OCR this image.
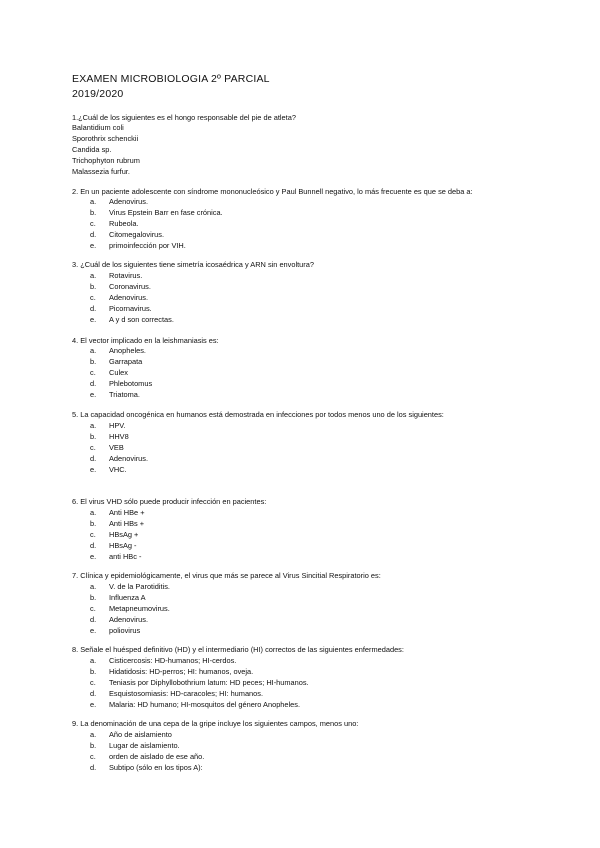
EXAMEN MICROBIOLOGIA 2º PARCIAL
2019/2020
1.¿Cuál de los siguientes es el hongo responsable del pie de atleta?
Balantidium coli
Sporothrix schenckii
Candida sp.
Trichophyton rubrum
Malassezia furfur.
2. En un paciente adolescente con síndrome mononucleósico y Paul Bunnell negativo, lo más frecuente es que se deba a:
a. Adenovirus.
b. Virus Epstein Barr en fase crónica.
c. Rubeola.
d. Citomegalovirus.
e. primoinfección por VIH.
3. ¿Cuál de los siguientes tiene simetría icosaédrica y ARN sin envoltura?
a. Rotavirus.
b. Coronavirus.
c. Adenovirus.
d. Picornavirus.
e. A y d son correctas.
4. El vector implicado en la leishmaniasis es:
a. Anopheles.
b. Garrapata
c. Culex
d. Phlebotomus
e. Triatoma.
5. La capacidad oncogénica en humanos está demostrada en infecciones por todos menos uno de los siguientes:
a. HPV.
b. HHV8
c. VEB
d. Adenovirus.
e. VHC.
6. El virus VHD sólo puede producir infección en pacientes:
a. Anti HBe +
b. Anti HBs +
c. HBsAg +
d. HBsAg -
e. anti HBc -
7. Clínica y epidemiológicamente, el virus que más se parece al Virus Sincitial Respiratorio es:
a. V. de la Parotiditis.
b. Influenza A
c. Metapneumovirus.
d. Adenovirus.
e. poliovirus
8. Señale el huésped definitivo (HD) y el intermediario (HI) correctos de las siguientes enfermedades:
a. Cisticercosis: HD-humanos; HI-cerdos.
b. Hidatidosis: HD-perros; HI: humanos, oveja.
c. Teniasis por Diphyllobothrium latum: HD peces; HI-humanos.
d. Esquistosomiasis: HD-caracoles; HI: humanos.
e. Malaria: HD humano; HI-mosquitos del género Anopheles.
9. La denominación de una cepa de la gripe incluye los siguientes campos, menos uno:
a. Año de aislamiento
b. Lugar de aislamiento.
c. orden de aislado de ese año.
d. Subtipo (sólo en los tipos A):
